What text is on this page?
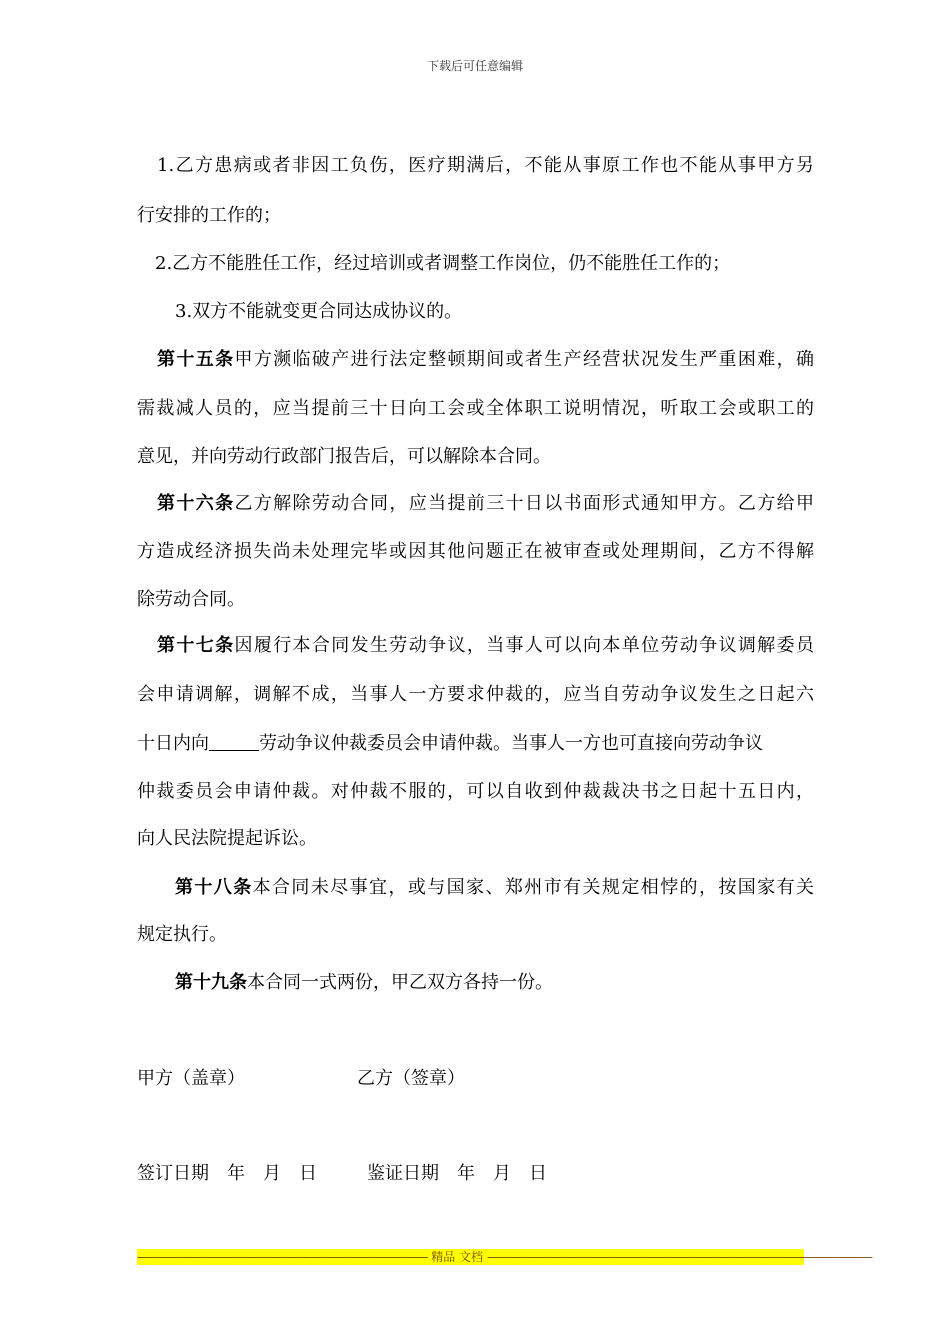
下载后可任意编辑
1.乙方患病或者非因工负伤，医疗期满后，不能从事原工作也不能从事甲方另
行安排的工作的；
2.乙方不能胜任工作，经过培训或者调整工作岗位，仍不能胜任工作的；
3.双方不能就变更合同达成协议的。
第十五条甲方濒临破产进行法定整顿期间或者生产经营状况发生严重困难，确
需裁减人员的，应当提前三十日向工会或全体职工说明情况，听取工会或职工的
意见，并向劳动行政部门报告后，可以解除本合同。
第十六条乙方解除劳动合同，应当提前三十日以书面形式通知甲方。乙方给甲
方造成经济损失尚未处理完毕或因其他问题正在被审查或处理期间，乙方不得解
除劳动合同。
第十七条因履行本合同发生劳动争议，当事人可以向本单位劳动争议调解委员
会申请调解，调解不成，当事人一方要求仲裁的，应当自劳动争议发生之日起六
十日内向	劳动争议仲裁委员会申请仲裁。当事人一方也可直接向劳动争议
仲裁委员会申请仲裁。对仲裁不服的，可以自收到仲裁裁决书之日起十五日内，
向人民法院提起诉讼。
第十八条本合同未尽事宜，或与国家、郑州市有关规定相悖的，按国家有关
规定执行。
第十九条本合同一式两份，甲乙双方各持一份。
甲方（盖章）	乙方（签章）
签订日期　年　月　日	鉴证日期　年　月　日
----------------------------------------------------------------------------------------------- 精品 文档 ------------------------------------------------------------------------------------------------------------------------------
